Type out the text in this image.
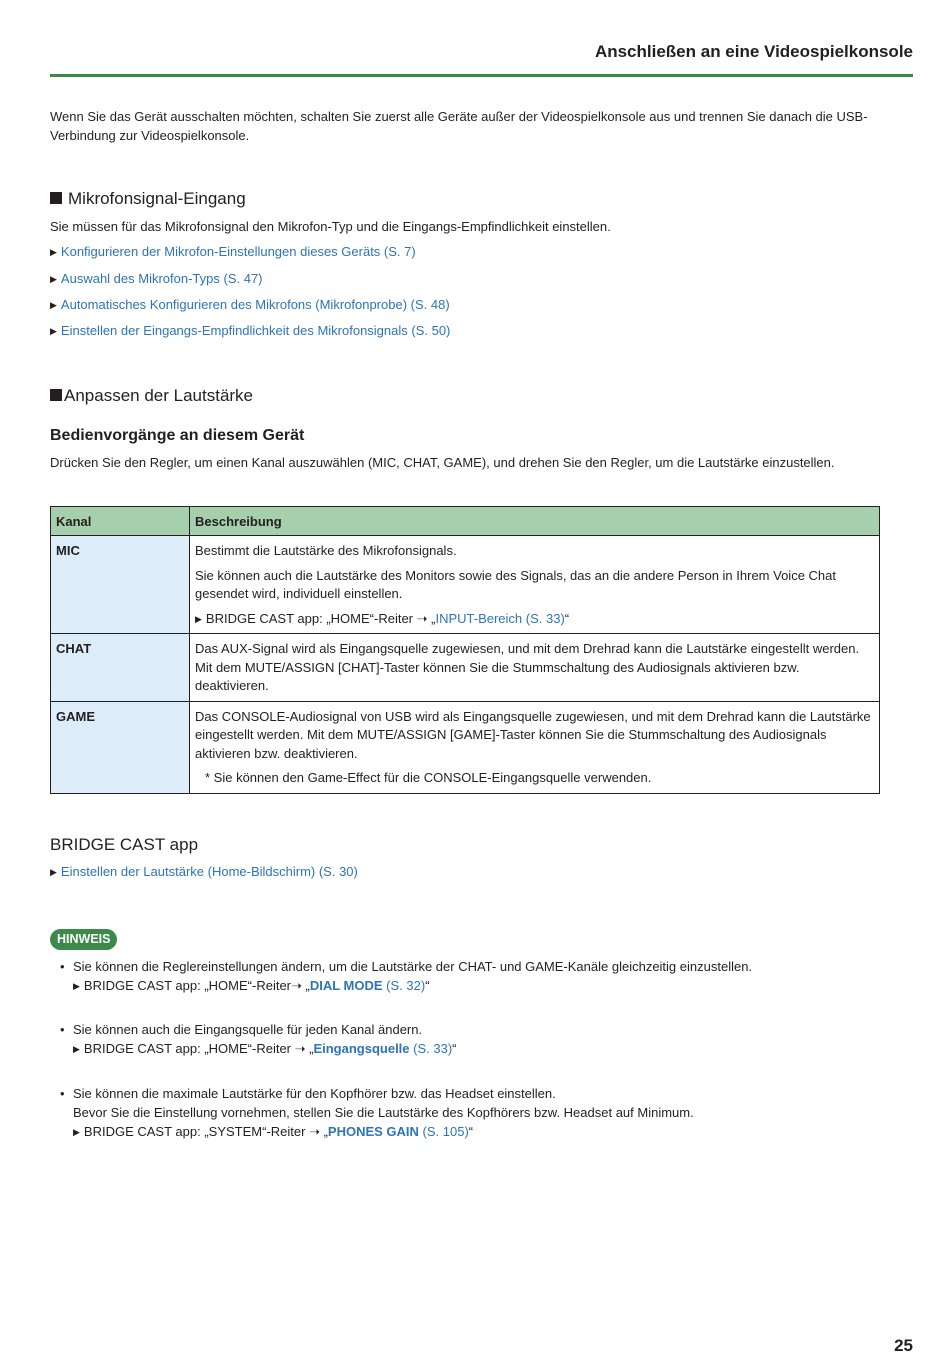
Anschließen an eine Videospielkonsole
Wenn Sie das Gerät ausschalten möchten, schalten Sie zuerst alle Geräte außer der Videospielkonsole aus und trennen Sie danach die USB-Verbindung zur Videospielkonsole.
Mikrofonsignal-Eingang
Sie müssen für das Mikrofonsignal den Mikrofon-Typ und die Eingangs-Empfindlichkeit einstellen.
▶ Konfigurieren der Mikrofon-Einstellungen dieses Geräts (S. 7)
▶ Auswahl des Mikrofon-Typs (S. 47)
▶ Automatisches Konfigurieren des Mikrofons (Mikrofonprobe) (S. 48)
▶ Einstellen der Eingangs-Empfindlichkeit des Mikrofonsignals (S. 50)
Anpassen der Lautstärke
Bedienvorgänge an diesem Gerät
Drücken Sie den Regler, um einen Kanal auszuwählen (MIC, CHAT, GAME), und drehen Sie den Regler, um die Lautstärke einzustellen.
Kanal	Beschreibung
MIC	Bestimmt die Lautstärke des Mikrofonsignals.

Sie können auch die Lautstärke des Monitors sowie des Signals, das an die andere Person in Ihrem Voice Chat gesendet wird, individuell einstellen.

▶ BRIDGE CAST app: „HOME“-Reiter ➝ „INPUT-Bereich (S. 33)“

CHAT	Das AUX-Signal wird als Eingangsquelle zugewiesen, und mit dem Drehrad kann die Lautstärke eingestellt werden. Mit dem MUTE/ASSIGN [CHAT]-Taster können Sie die Stummschaltung des Audiosignals aktivieren bzw. deaktivieren.

GAME	Das CONSOLE-Audiosignal von USB wird als Eingangsquelle zugewiesen, und mit dem Drehrad kann die Lautstärke eingestellt werden. Mit dem MUTE/ASSIGN [GAME]-Taster können Sie die Stummschaltung des Audiosignals aktivieren bzw. deaktivieren.

* Sie können den Game-Effect für die CONSOLE-Eingangsquelle verwenden.

BRIDGE CAST app
▶ Einstellen der Lautstärke (Home-Bildschirm) (S. 30)
HINWEIS
• Sie können die Reglereinstellungen ändern, um die Lautstärke der CHAT- und GAME-Kanäle gleichzeitig einzustellen.
▶ BRIDGE CAST app: „HOME“-Reiter➝ „DIAL MODE (S. 32)“
• Sie können auch die Eingangsquelle für jeden Kanal ändern.
▶ BRIDGE CAST app: „HOME“-Reiter ➝ „Eingangsquelle (S. 33)“
• Sie können die maximale Lautstärke für den Kopfhörer bzw. das Headset einstellen.
Bevor Sie die Einstellung vornehmen, stellen Sie die Lautstärke des Kopfhörers bzw. Headset auf Minimum.
▶ BRIDGE CAST app: „SYSTEM“-Reiter ➝ „PHONES GAIN (S. 105)“
25
